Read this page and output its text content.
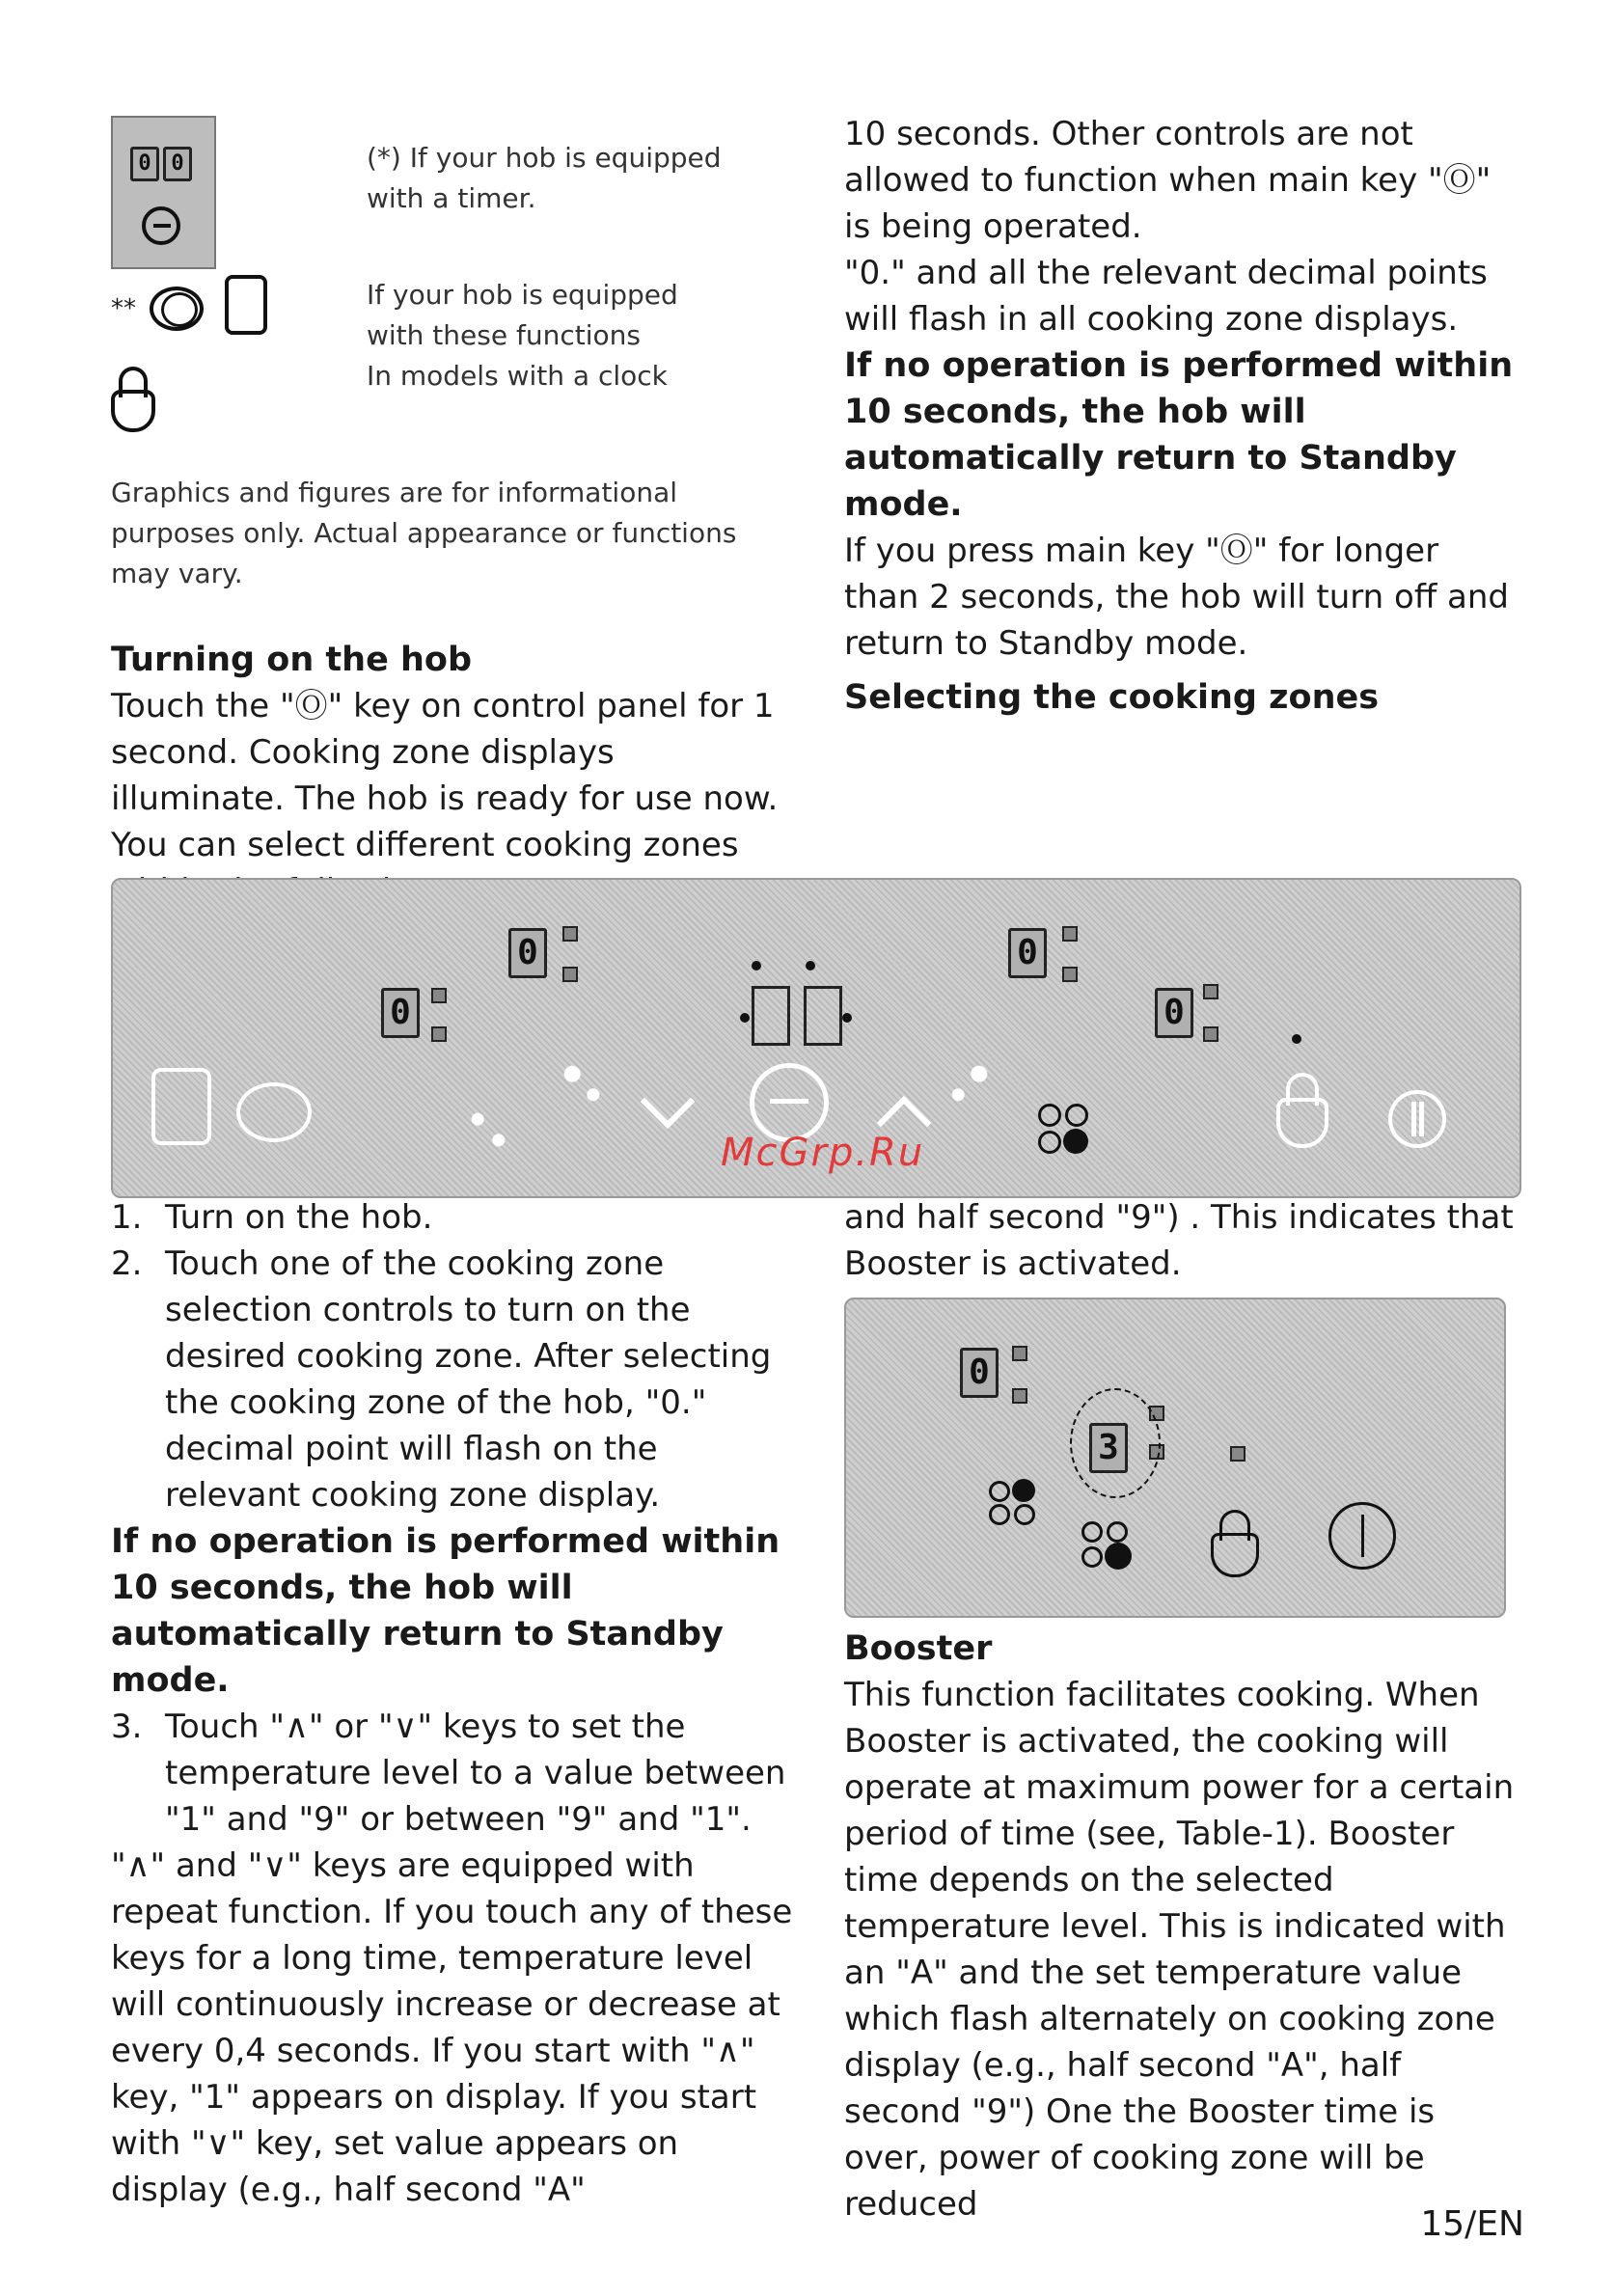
0 0	(*) If your hob is equipped with a timer.

**	If your hob is equipped
with these functions
In models with a clock

Graphics and figures are for informational purposes only. Actual appearance or functions may vary.

Turning on the hob

Touch the "Ⓞ" key on control panel for 1 second. Cooking zone displays illuminate. The hob is ready for use now. You can select different cooking zones

10 seconds. Other controls are not allowed to function when main key "Ⓞ" is being operated.

"0." and all the relevant decimal points will flash in all cooking zone displays.

If no operation is performed within 10 seconds, the hob will automatically return to Standby mode.

If you press main key "Ⓞ" for longer than 2 seconds, the hob will turn off and return to Standby mode.

Selecting the cooking zones

0
0	0
0
McGrp.Ru
1. Turn on the hob.
2. Touch one of the cooking zone selection controls to turn on the desired cooking zone. After selecting the cooking zone of the hob, "0." decimal point will flash on the relevant cooking zone display.

If no operation is performed within 10 seconds, the hob will automatically return to Standby mode.

3. Touch "∧" or "∨" keys to set the temperature level to a value between "1" and "9" or between "9" and "1".

"∧" and "∨" keys are equipped with repeat function. If you touch any of these keys for a long time, temperature level will continuously increase or decrease at every 0,4 seconds. If you start with "∧" key, "1" appears on display. If you start with "∨" key, set value appears on display (e.g., half second "A"

and half second "9") . This indicates that Booster is activated.

0
3

Booster

This function facilitates cooking. When Booster is activated, the cooking will operate at maximum power for a certain period of time (see, Table-1). Booster time depends on the selected temperature level. This is indicated with an "A" and the set temperature value which flash alternately on cooking zone display (e.g., half second "A", half second "9") One the Booster time is over, power of cooking zone will be reduced	15/EN
